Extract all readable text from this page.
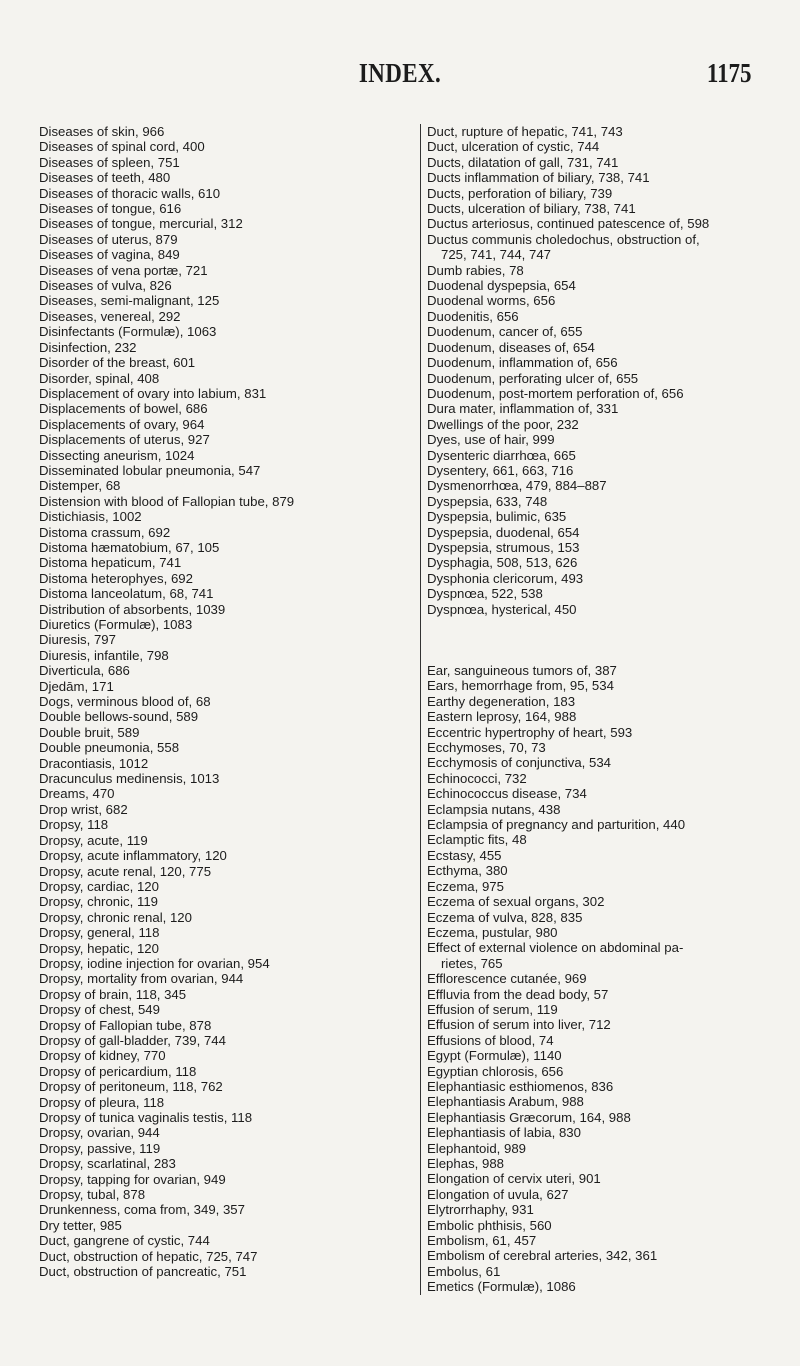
INDEX.	1175
Diseases of skin, 966
Diseases of spinal cord, 400
Diseases of spleen, 751
Diseases of teeth, 480
Diseases of thoracic walls, 610
Diseases of tongue, 616
Diseases of tongue, mercurial, 312
Diseases of uterus, 879
Diseases of vagina, 849
Diseases of vena portæ, 721
Diseases of vulva, 826
Diseases, semi-malignant, 125
Diseases, venereal, 292
Disinfectants (Formulæ), 1063
Disinfection, 232
Disorder of the breast, 601
Disorder, spinal, 408
Displacement of ovary into labium, 831
Displacements of bowel, 686
Displacements of ovary, 964
Displacements of uterus, 927
Dissecting aneurism, 1024
Disseminated lobular pneumonia, 547
Distemper, 68
Distension with blood of Fallopian tube, 879
Distichiasis, 1002
Distoma crassum, 692
Distoma hæmatobium, 67, 105
Distoma hepaticum, 741
Distoma heterophyes, 692
Distoma lanceolatum, 68, 741
Distribution of absorbents, 1039
Diuretics (Formulæ), 1083
Diuresis, 797
Diuresis, infantile, 798
Diverticula, 686
Djedām, 171
Dogs, verminous blood of, 68
Double bellows-sound, 589
Double bruit, 589
Double pneumonia, 558
Dracontiasis, 1012
Dracunculus medinensis, 1013
Dreams, 470
Drop wrist, 682
Dropsy, 118
Dropsy, acute, 119
Dropsy, acute inflammatory, 120
Dropsy, acute renal, 120, 775
Dropsy, cardiac, 120
Dropsy, chronic, 119
Dropsy, chronic renal, 120
Dropsy, general, 118
Dropsy, hepatic, 120
Dropsy, iodine injection for ovarian, 954
Dropsy, mortality from ovarian, 944
Dropsy of brain, 118, 345
Dropsy of chest, 549
Dropsy of Fallopian tube, 878
Dropsy of gall-bladder, 739, 744
Dropsy of kidney, 770
Dropsy of pericardium, 118
Dropsy of peritoneum, 118, 762
Dropsy of pleura, 118
Dropsy of tunica vaginalis testis, 118
Dropsy, ovarian, 944
Dropsy, passive, 119
Dropsy, scarlatinal, 283
Dropsy, tapping for ovarian, 949
Dropsy, tubal, 878
Drunkenness, coma from, 349, 357
Dry tetter, 985
Duct, gangrene of cystic, 744
Duct, obstruction of hepatic, 725, 747
Duct, obstruction of pancreatic, 751
Duct, rupture of hepatic, 741, 743
Duct, ulceration of cystic, 744
Ducts, dilatation of gall, 731, 741
Ducts inflammation of biliary, 738, 741
Ducts, perforation of biliary, 739
Ducts, ulceration of biliary, 738, 741
Ductus arteriosus, continued patescence of, 598
Ductus communis choledochus, obstruction of,
725, 741, 744, 747
Dumb rabies, 78
Duodenal dyspepsia, 654
Duodenal worms, 656
Duodenitis, 656
Duodenum, cancer of, 655
Duodenum, diseases of, 654
Duodenum, inflammation of, 656
Duodenum, perforating ulcer of, 655
Duodenum, post-mortem perforation of, 656
Dura mater, inflammation of, 331
Dwellings of the poor, 232
Dyes, use of hair, 999
Dysenteric diarrhœa, 665
Dysentery, 661, 663, 716
Dysmenorrhœa, 479, 884–887
Dyspepsia, 633, 748
Dyspepsia, bulimic, 635
Dyspepsia, duodenal, 654
Dyspepsia, strumous, 153
Dysphagia, 508, 513, 626
Dysphonia clericorum, 493
Dyspnœa, 522, 538
Dyspnœa, hysterical, 450
Ear, sanguineous tumors of, 387
Ears, hemorrhage from, 95, 534
Earthy degeneration, 183
Eastern leprosy, 164, 988
Eccentric hypertrophy of heart, 593
Ecchymoses, 70, 73
Ecchymosis of conjunctiva, 534
Echinococci, 732
Echinococcus disease, 734
Eclampsia nutans, 438
Eclampsia of pregnancy and parturition, 440
Eclamptic fits, 48
Ecstasy, 455
Ecthyma, 380
Eczema, 975
Eczema of sexual organs, 302
Eczema of vulva, 828, 835
Eczema, pustular, 980
Effect of external violence on abdominal pa-
rietes, 765
Efflorescence cutanée, 969
Effluvia from the dead body, 57
Effusion of serum, 119
Effusion of serum into liver, 712
Effusions of blood, 74
Egypt (Formulæ), 1140
Egyptian chlorosis, 656
Elephantiasic esthiomenos, 836
Elephantiasis Arabum, 988
Elephantiasis Græcorum, 164, 988
Elephantiasis of labia, 830
Elephantoid, 989
Elephas, 988
Elongation of cervix uteri, 901
Elongation of uvula, 627
Elytrorrhaphy, 931
Embolic phthisis, 560
Embolism, 61, 457
Embolism of cerebral arteries, 342, 361
Embolus, 61
Emetics (Formulæ), 1086
